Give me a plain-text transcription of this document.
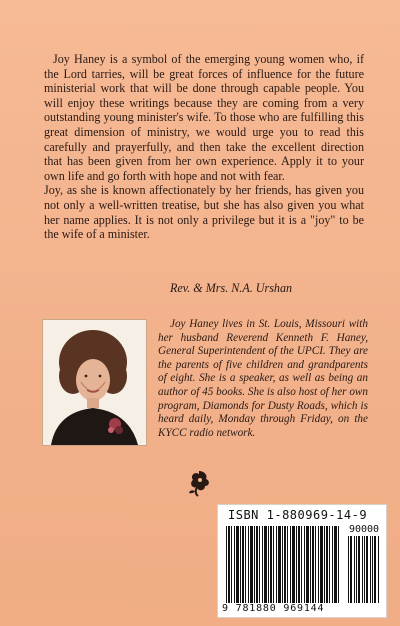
Joy Haney is a symbol of the emerging young women who, if the Lord tarries, will be great forces of influence for the future ministerial work that will be done through capable people. You will enjoy these writings because they are coming from a very outstanding young minister's wife. To those who are fulfilling this great dimension of ministry, we would urge you to read this carefully and prayerfully, and then take the excellent direction that has been given from her own experience. Apply it to your own life and go forth with hope and not with fear.

Joy, as she is known affectionately by her friends, has given you not only a well-written treatise, but she has also given you what her name applies. It is not only a privilege but it is a "joy" to be the wife of a minister.

Rev. & Mrs. N.A. Urshan

Joy Haney lives in St. Louis, Missouri with her husband Reverend Kenneth F. Haney, General Superintendent of the UPCI. They are the parents of five children and grandparents of eight. She is a speaker, as well as being an author of 45 books. She is also host of her own program, Diamonds for Dusty Roads, which is heard daily, Monday through Friday, on the KYCC radio network.

ISBN 1-880969-14-9
90000
9 781880 969144
